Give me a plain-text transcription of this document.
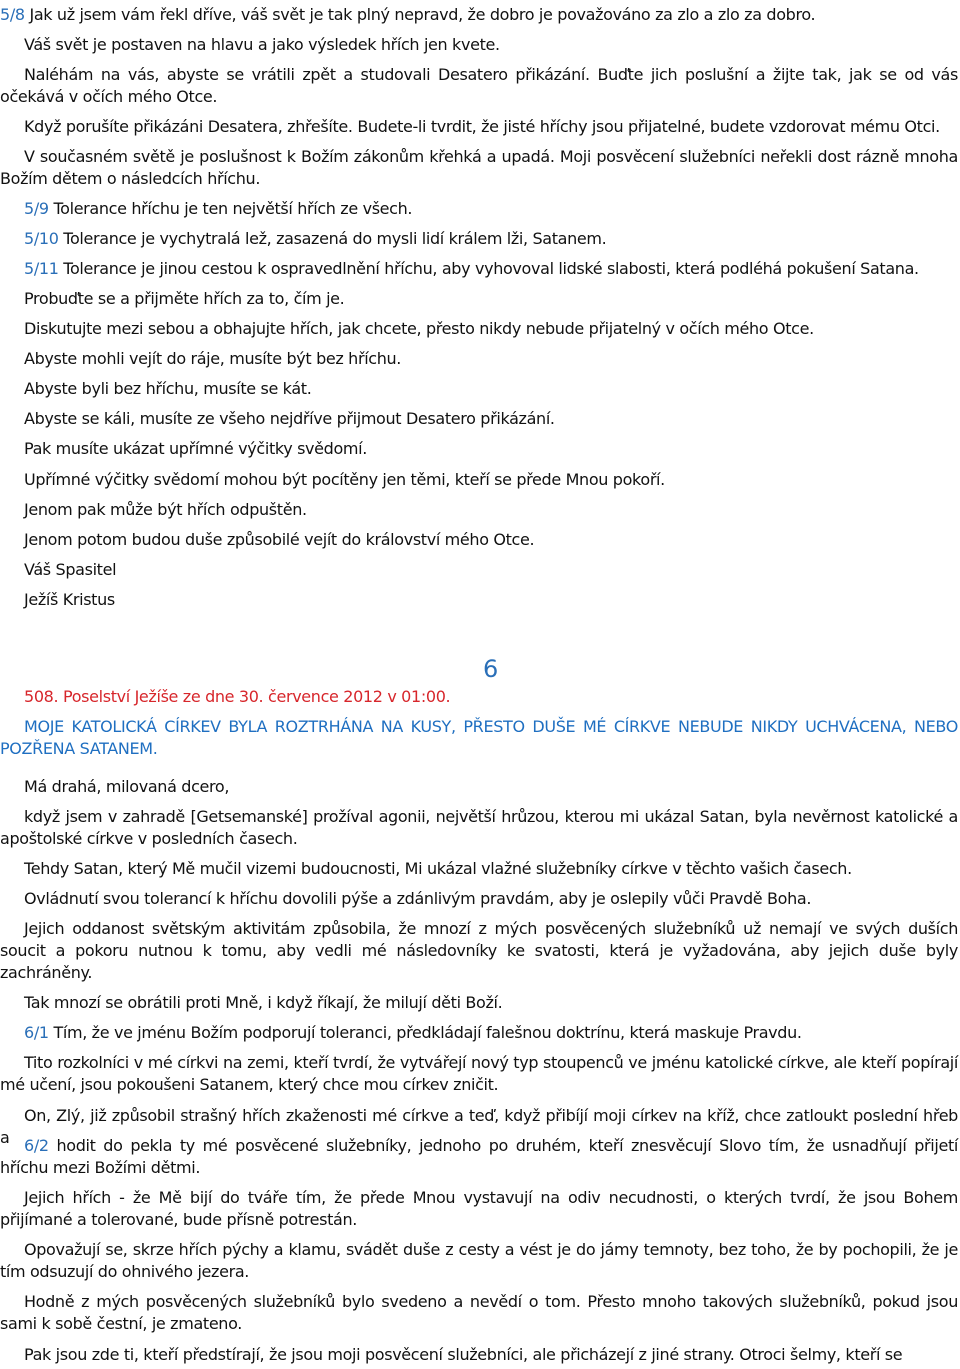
5/8 Jak už jsem vám řekl dříve, váš svět je tak plný nepravd, že dobro je považováno za zlo a zlo za dobro.

Váš svět je postaven na hlavu a jako výsledek hřích jen kvete.

Naléhám na vás, abyste se vrátili zpět a studovali Desatero přikázání. Buďte jich poslušní a žijte tak, jak se od vás očekává v očích mého Otce.

Když porušíte přikázáni Desatera, zhřešíte. Budete-li tvrdit, že jisté hříchy jsou přijatelné, budete vzdorovat mému Otci.

V současném světě je poslušnost k Božím zákonům křehká a upadá. Moji posvěcení služebníci neřekli dost rázně mnoha Božím dětem o následcích hříchu.

5/9 Tolerance hříchu je ten největší hřích ze všech.

5/10 Tolerance je vychytralá lež, zasazená do mysli lidí králem lži, Satanem.

5/11 Tolerance je jinou cestou k ospravedlnění hříchu, aby vyhovoval lidské slabosti, která podléhá pokušení Satana.

Probuďte se a přijměte hřích za to, čím je.

Diskutujte mezi sebou a obhajujte hřích, jak chcete, přesto nikdy nebude přijatelný v očích mého Otce.

Abyste mohli vejít do ráje, musíte být bez hříchu.

Abyste byli bez hříchu, musíte se kát.

Abyste se káli, musíte ze všeho nejdříve přijmout Desatero přikázání.

Pak musíte ukázat upřímné výčitky svědomí.

Upřímné výčitky svědomí mohou být pocítěny jen těmi, kteří se přede Mnou pokoří.

Jenom pak může být hřích odpuštěn.

Jenom potom budou duše způsobilé vejít do království mého Otce.

Váš Spasitel

Ježíš Kristus

6

508. Poselství Ježíše ze dne 30. července 2012 v 01:00.

MOJE KATOLICKÁ CÍRKEV BYLA ROZTRHÁNA NA KUSY, PŘESTO DUŠE MÉ CÍRKVE NEBUDE NIKDY UCHVÁCENA, NEBO POZŘENA SATANEM.

Má drahá, milovaná dcero,

když jsem v zahradě [Getsemanské] prožíval agonii, největší hrůzou, kterou mi ukázal Satan, byla nevěrnost katolické a apoštolské církve v posledních časech.

Tehdy Satan, který Mě mučil vizemi budoucnosti, Mi ukázal vlažné služebníky církve v těchto vašich časech.

Ovládnutí svou tolerancí k hříchu dovolili pýše a zdánlivým pravdám, aby je oslepily vůči Pravdě Boha.

Jejich oddanost světským aktivitám způsobila, že mnozí z mých posvěcených služebníků už nemají ve svých duších soucit a pokoru nutnou k tomu, aby vedli mé následovníky ke svatosti, která je vyžadována, aby jejich duše byly zachráněny.

Tak mnozí se obrátili proti Mně, i když říkají, že milují děti Boží.

6/1 Tím, že ve jménu Božím podporují toleranci, předkládají falešnou doktrínu, která maskuje Pravdu.

Tito rozkolníci v mé církvi na zemi, kteří tvrdí, že vytvářejí nový typ stoupenců ve jménu katolické církve, ale kteří popírají mé učení, jsou pokoušeni Satanem, který chce mou církev zničit.

On, Zlý, již způsobil strašný hřích zkaženosti mé církve a teď, když přibíjí moji církev na kříž, chce zatloukt poslední hřeb a 6/2 hodit do pekla ty mé posvěcené služebníky, jednoho po druhém, kteří znesvěcují Slovo tím, že usnadňují přijetí hříchu mezi Božími dětmi.

Jejich hřích - že Mě bijí do tváře tím, že přede Mnou vystavují na odiv necudnosti, o kterých tvrdí, že jsou Bohem přijímané a tolerované, bude přísně potrestán.

Opovažují se, skrze hřích pýchy a klamu, svádět duše z cesty a vést je do jámy temnoty, bez toho, že by pochopili, že je tím odsuzují do ohnivého jezera.

Hodně z mých posvěcených služebníků bylo svedeno a nevědí o tom. Přesto mnoho takových služebníků, pokud jsou sami k sobě čestní, je zmateno.

Pak jsou zde ti, kteří předstírají, že jsou moji posvěcení služebníci, ale přicházejí z jiné strany. Otroci šelmy, kteří se
